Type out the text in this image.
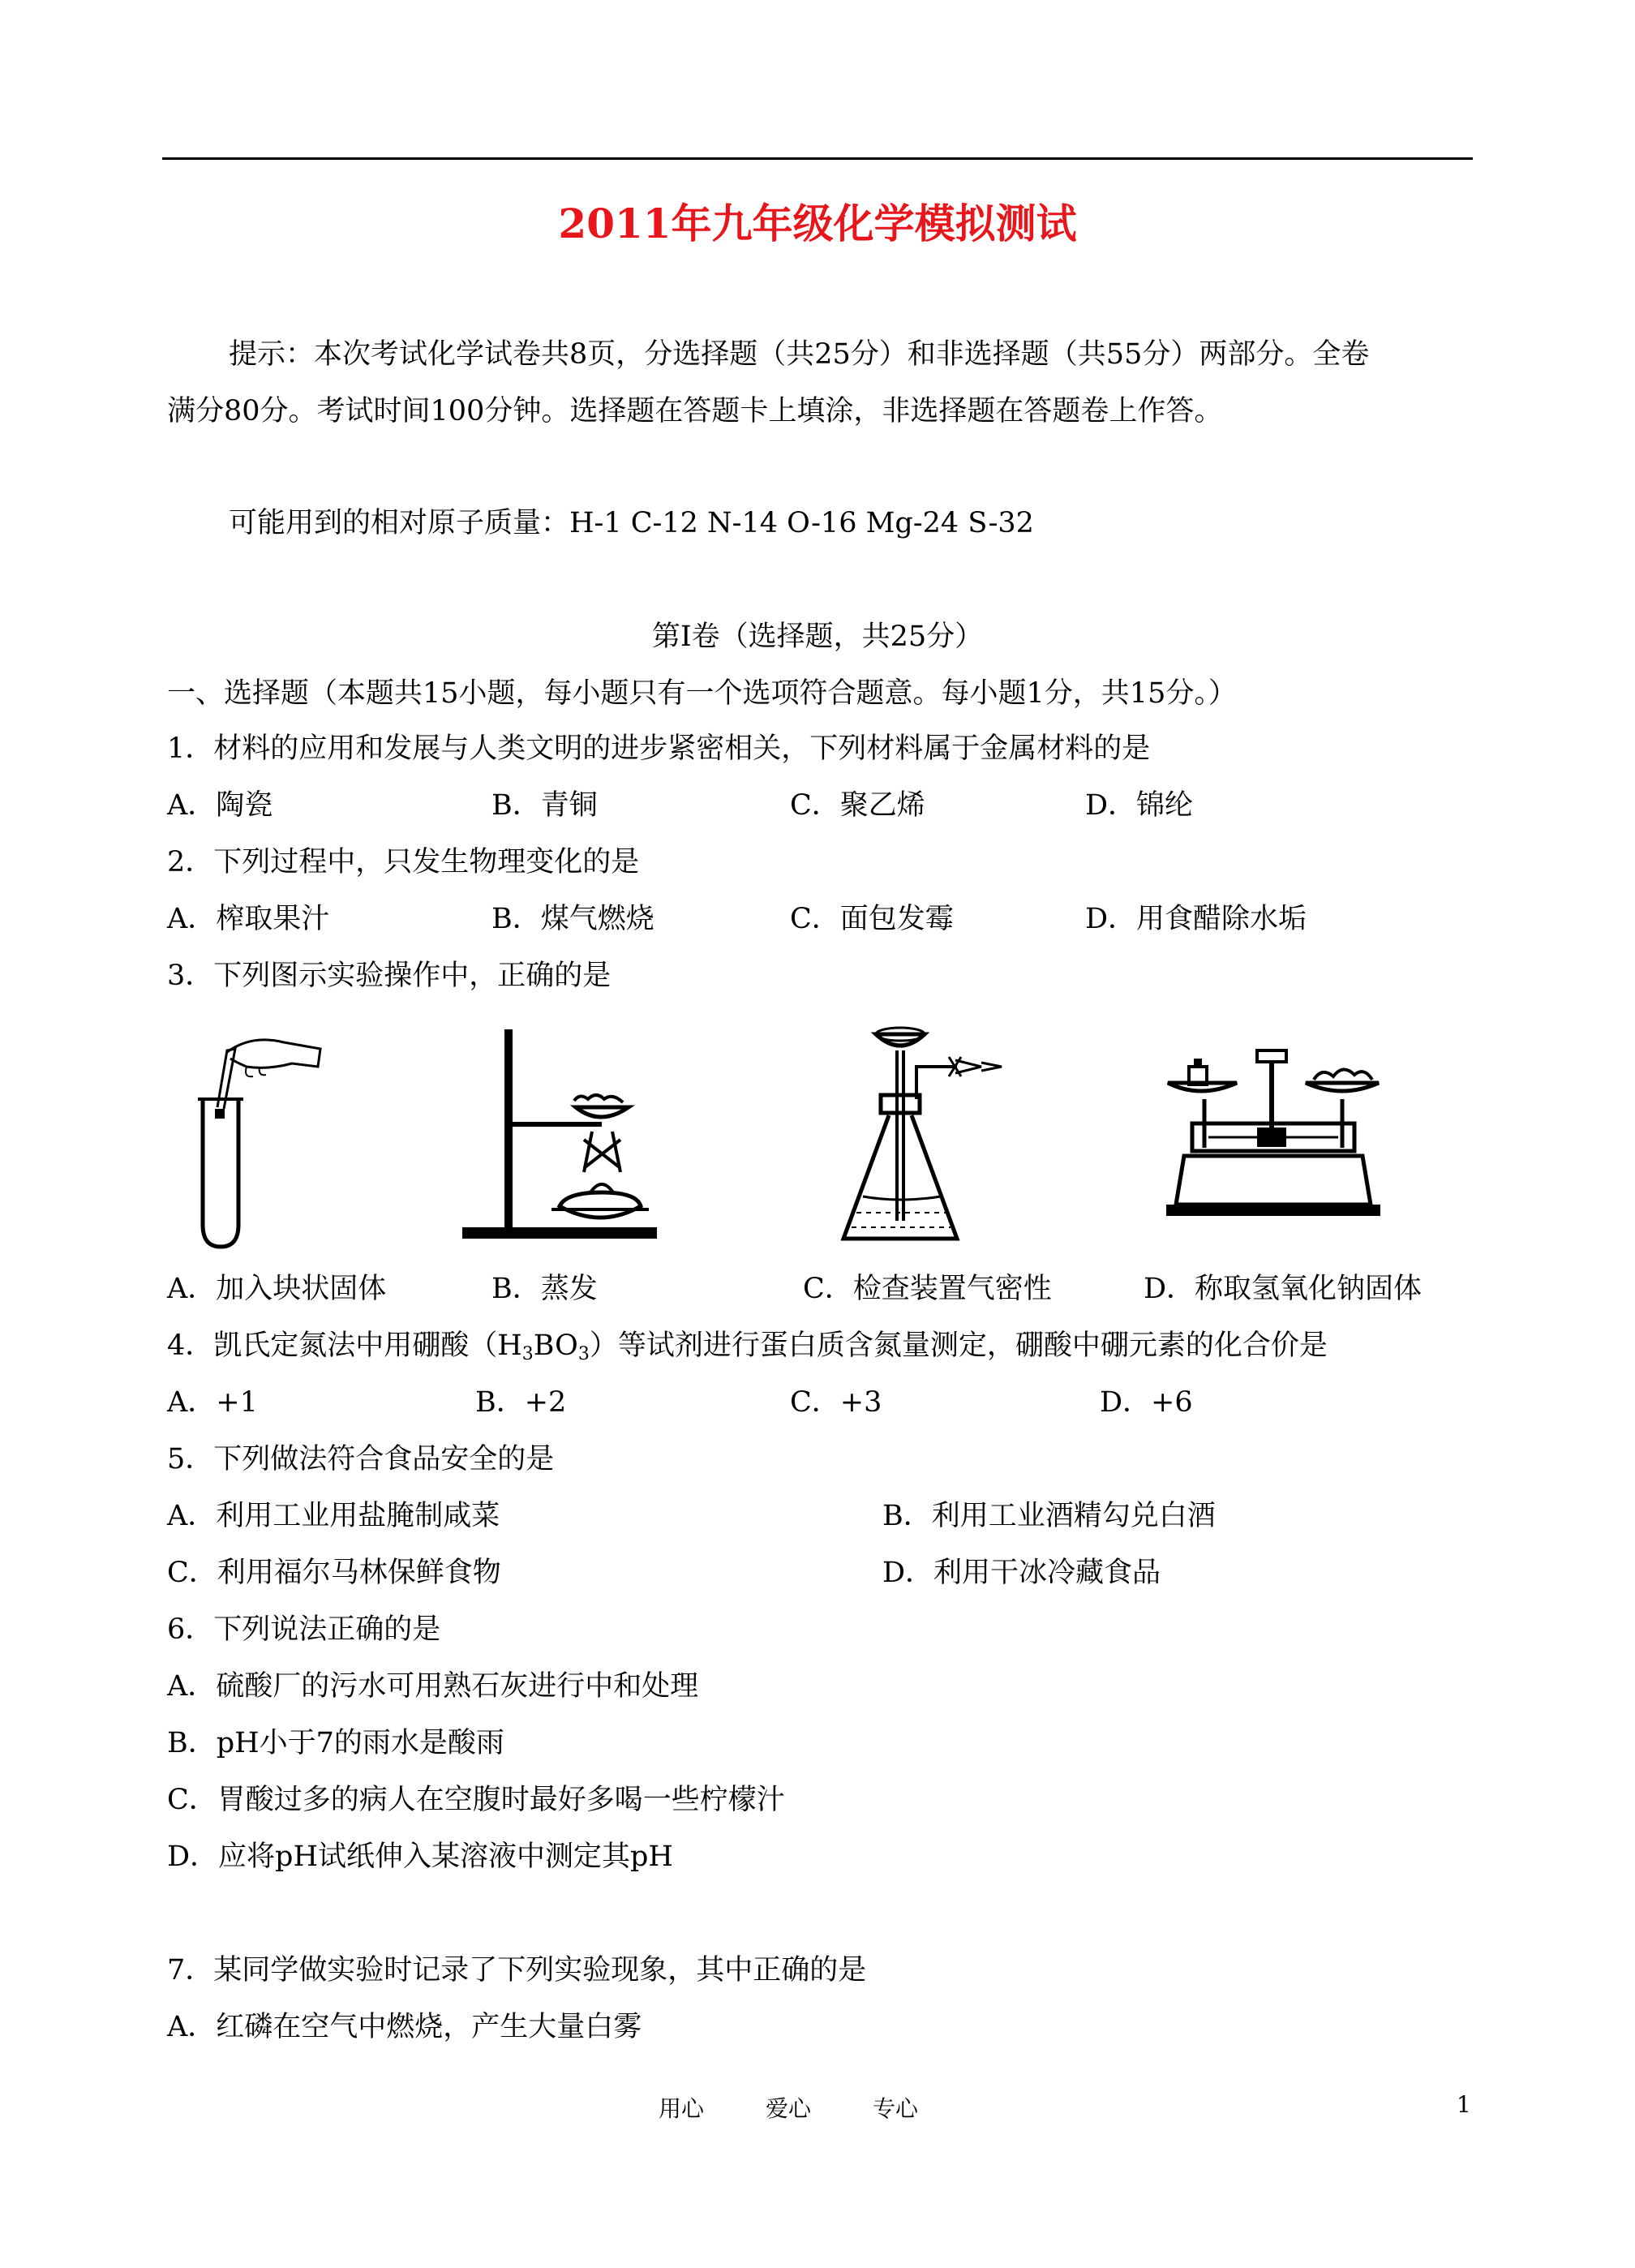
2011年九年级化学模拟测试
提示：本次考试化学试卷共8页，分选择题（共25分）和非选择题（共55分）两部分。全卷
满分80分。考试时间100分钟。选择题在答题卡上填涂，非选择题在答题卷上作答。
可能用到的相对原子质量：H-1 C-12 N-14 O-16 Mg-24 S-32
第Ⅰ卷（选择题，共25分）
一、选择题（本题共15小题，每小题只有一个选项符合题意。每小题1分，共15分。）
1．材料的应用和发展与人类文明的进步紧密相关，下列材料属于金属材料的是
A．陶瓷	B．青铜	C．聚乙烯	D．锦纶
2．下列过程中，只发生物理变化的是
A．榨取果汁	B．煤气燃烧	C．面包发霉	D．用食醋除水垢
3．下列图示实验操作中，正确的是
A．加入块状固体	B．蒸发	C．检查装置气密性	D．称取氢氧化钠固体
4．凯氏定氮法中用硼酸$(H_3BO_3)$等试剂进行蛋白质含氮量测定，硼酸中硼元素的化合价是
A．+1	B．+2	C．+3	D．+6
5．下列做法符合食品安全的是
A．利用工业用盐腌制咸菜	B．利用工业酒精勾兑白酒
C．利用福尔马林保鲜食物	D．利用干冰冷藏食品
6．下列说法正确的是
A．硫酸厂的污水可用熟石灰进行中和处理
B．pH小于7的雨水是酸雨
C．胃酸过多的病人在空腹时最好多喝一些柠檬汁
D．应将pH试纸伸入某溶液中测定其pH
7．某同学做实验时记录了下列实验现象，其中正确的是
A．红磷在空气中燃烧，产生大量白雾
用心	爱心	专心	1
